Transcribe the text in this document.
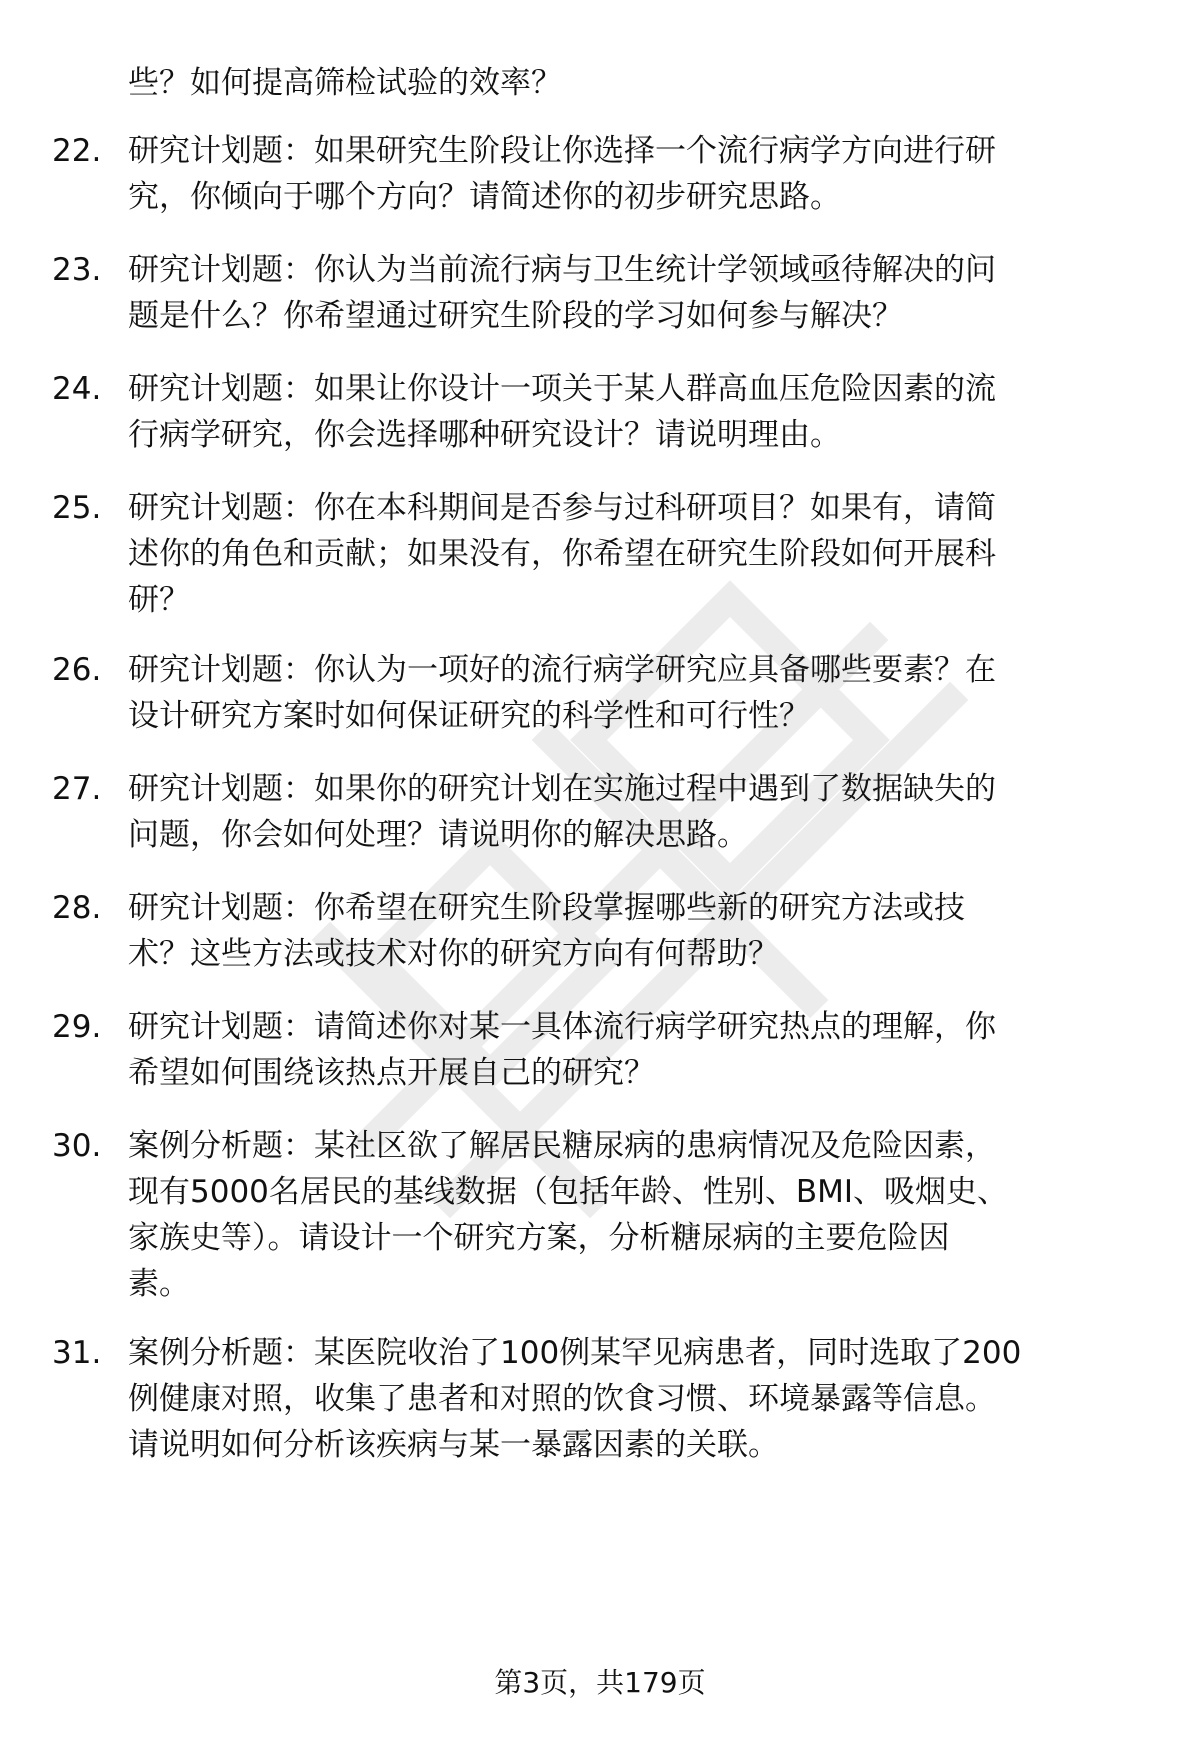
些？如何提高筛检试验的效率？
22. 研究计划题：如果研究生阶段让你选择一个流行病学方向进行研
究，你倾向于哪个方向？请简述你的初步研究思路。
23. 研究计划题：你认为当前流行病与卫生统计学领域亟待解决的问
题是什么？你希望通过研究生阶段的学习如何参与解决？
24. 研究计划题：如果让你设计一项关于某人群高血压危险因素的流
行病学研究，你会选择哪种研究设计？请说明理由。
25. 研究计划题：你在本科期间是否参与过科研项目？如果有，请简
述你的角色和贡献；如果没有，你希望在研究生阶段如何开展科
研？
26. 研究计划题：你认为一项好的流行病学研究应具备哪些要素？在
设计研究方案时如何保证研究的科学性和可行性？
27. 研究计划题：如果你的研究计划在实施过程中遇到了数据缺失的
问题，你会如何处理？请说明你的解决思路。
28. 研究计划题：你希望在研究生阶段掌握哪些新的研究方法或技
术？这些方法或技术对你的研究方向有何帮助？
29. 研究计划题：请简述你对某一具体流行病学研究热点的理解，你
希望如何围绕该热点开展自己的研究？
30. 案例分析题：某社区欲了解居民糖尿病的患病情况及危险因素，
现有5000名居民的基线数据（包括年龄、性别、BMI、吸烟史、
家族史等）。请设计一个研究方案，分析糖尿病的主要危险因
素。
31. 案例分析题：某医院收治了100例某罕见病患者，同时选取了200
例健康对照，收集了患者和对照的饮食习惯、环境暴露等信息。
请说明如何分析该疾病与某一暴露因素的关联。
第3页，共179页
